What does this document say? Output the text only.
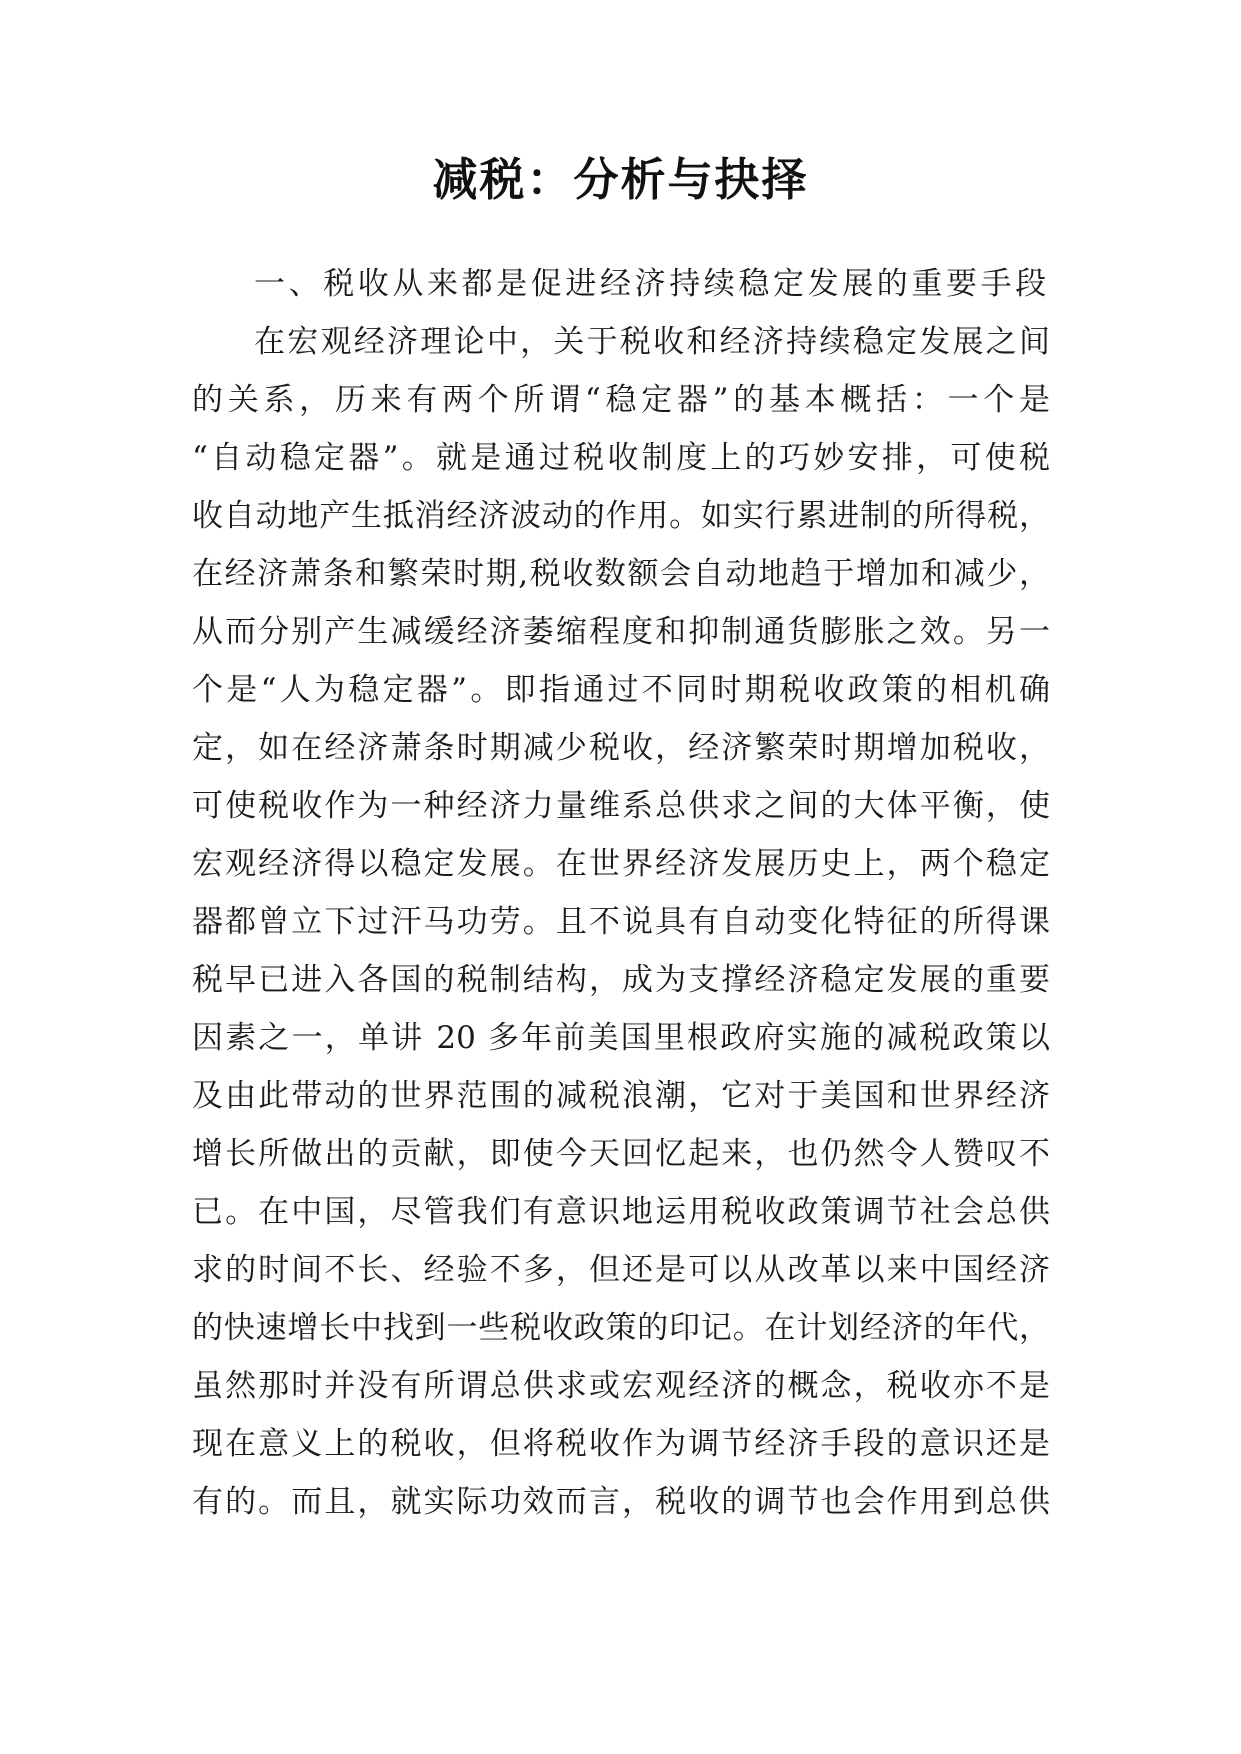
减税：分析与抉择
一、税收从来都是促进经济持续稳定发展的重要手段
在宏观经济理论中，关于税收和经济持续稳定发展之间
的关系，历来有两个所谓“稳定器”的基本概括：一个是
“自动稳定器”。就是通过税收制度上的巧妙安排，可使税
收自动地产生抵消经济波动的作用。如实行累进制的所得税，
在经济萧条和繁荣时期,税收数额会自动地趋于增加和减少，
从而分别产生减缓经济萎缩程度和抑制通货膨胀之效。另一
个是“人为稳定器”。即指通过不同时期税收政策的相机确
定，如在经济萧条时期减少税收，经济繁荣时期增加税收，
可使税收作为一种经济力量维系总供求之间的大体平衡，使
宏观经济得以稳定发展。在世界经济发展历史上，两个稳定
器都曾立下过汗马功劳。且不说具有自动变化特征的所得课
税早已进入各国的税制结构，成为支撑经济稳定发展的重要
因素之一，单讲 20 多年前美国里根政府实施的减税政策以
及由此带动的世界范围的减税浪潮，它对于美国和世界经济
增长所做出的贡献，即使今天回忆起来，也仍然令人赞叹不
已。在中国，尽管我们有意识地运用税收政策调节社会总供
求的时间不长、经验不多，但还是可以从改革以来中国经济
的快速增长中找到一些税收政策的印记。在计划经济的年代，
虽然那时并没有所谓总供求或宏观经济的概念，税收亦不是
现在意义上的税收，但将税收作为调节经济手段的意识还是
有的。而且，就实际功效而言，税收的调节也会作用到总供
